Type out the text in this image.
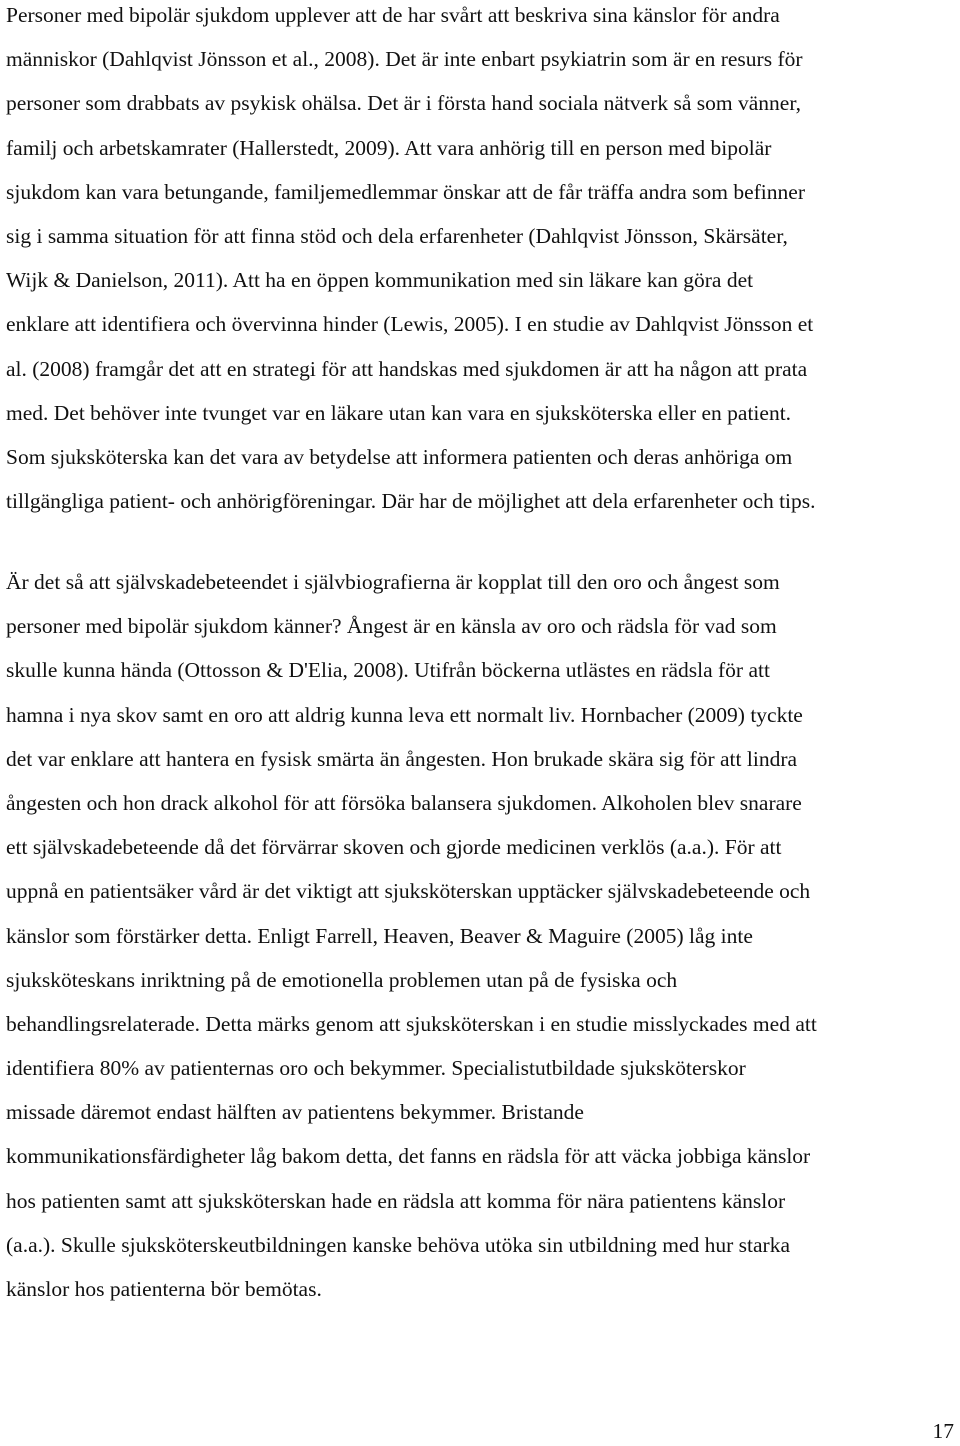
Personer med bipolär sjukdom upplever att de har svårt att beskriva sina känslor för andra
människor (Dahlqvist Jönsson et al., 2008). Det är inte enbart psykiatrin som är en resurs för
personer som drabbats av psykisk ohälsa. Det är i första hand sociala nätverk så som vänner,
familj och arbetskamrater (Hallerstedt, 2009). Att vara anhörig till en person med bipolär
sjukdom kan vara betungande, familjemedlemmar önskar att de får träffa andra som befinner
sig i samma situation för att finna stöd och dela erfarenheter (Dahlqvist Jönsson, Skärsäter,
Wijk & Danielson, 2011). Att ha en öppen kommunikation med sin läkare kan göra det
enklare att identifiera och övervinna hinder (Lewis, 2005). I en studie av Dahlqvist Jönsson et
al. (2008) framgår det att en strategi för att handskas med sjukdomen är att ha någon att prata
med. Det behöver inte tvunget var en läkare utan kan vara en sjuksköterska eller en patient.
Som sjuksköterska kan det vara av betydelse att informera patienten och deras anhöriga om
tillgängliga patient- och anhörigföreningar. Där har de möjlighet att dela erfarenheter och tips.
Är det så att självskadebeteendet i självbiografierna är kopplat till den oro och ångest som
personer med bipolär sjukdom känner? Ångest är en känsla av oro och rädsla för vad som
skulle kunna hända (Ottosson & D'Elia, 2008). Utifrån böckerna utlästes en rädsla för att
hamna i nya skov samt en oro att aldrig kunna leva ett normalt liv. Hornbacher (2009) tyckte
det var enklare att hantera en fysisk smärta än ångesten. Hon brukade skära sig för att lindra
ångesten och hon drack alkohol för att försöka balansera sjukdomen. Alkoholen blev snarare
ett självskadebeteende då det förvärrar skoven och gjorde medicinen verklös (a.a.). För att
uppnå en patientsäker vård är det viktigt att sjuksköterskan upptäcker självskadebeteende och
känslor som förstärker detta. Enligt Farrell, Heaven, Beaver & Maguire (2005) låg inte
sjuksköteskans inriktning på de emotionella problemen utan på de fysiska och
behandlingsrelaterade. Detta märks genom att sjuksköterskan i en studie misslyckades med att
identifiera 80% av patienternas oro och bekymmer. Specialistutbildade sjuksköterskor
missade däremot endast hälften av patientens bekymmer. Bristande
kommunikationsfärdigheter låg bakom detta, det fanns en rädsla för att väcka jobbiga känslor
hos patienten samt att sjuksköterskan hade en rädsla att komma för nära patientens känslor
(a.a.). Skulle sjuksköterskeutbildningen kanske behöva utöka sin utbildning med hur starka
känslor hos patienterna bör bemötas.
17
